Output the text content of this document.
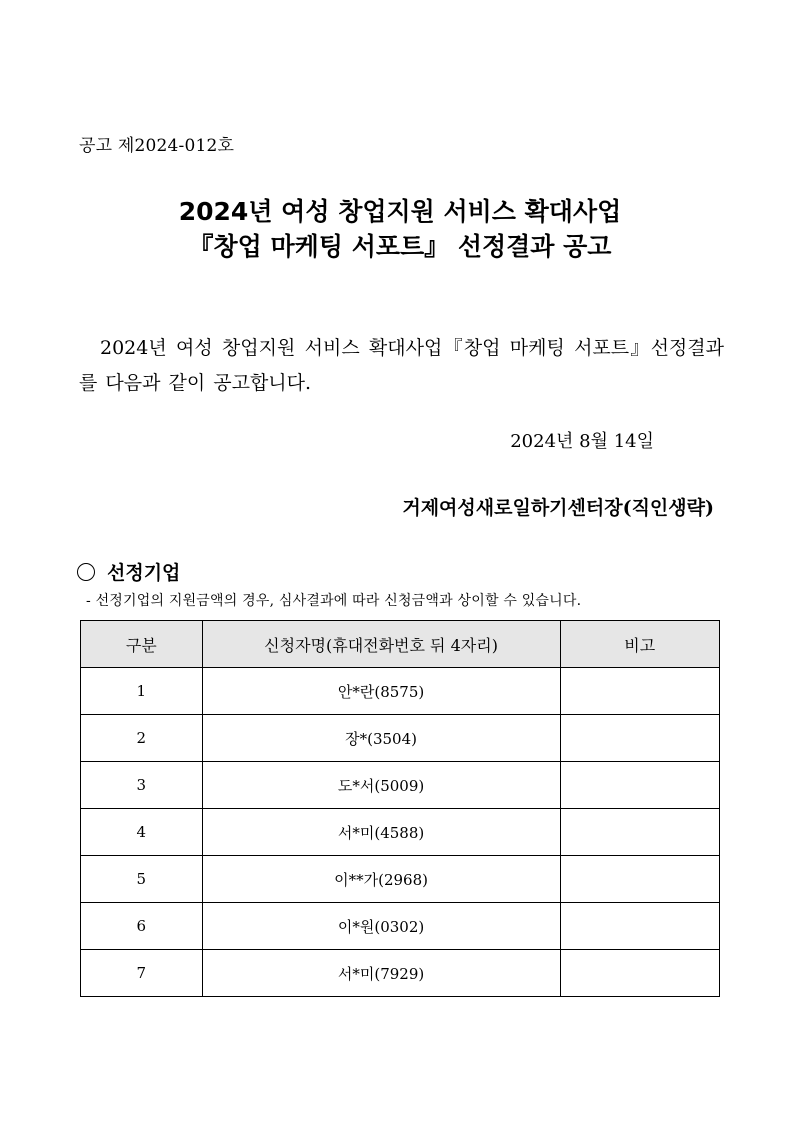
공고 제2024-012호
2024년 여성 창업지원 서비스 확대사업
『창업 마케팅 서포트』 선정결과 공고
2024년 여성 창업지원 서비스 확대사업『창업 마케팅 서포트』선정결과를 다음과 같이 공고합니다.
2024년 8월 14일
거제여성새로일하기센터장(직인생략)
선정기업
- 선정기업의 지원금액의 경우, 심사결과에 따라 신청금액과 상이할 수 있습니다.
구분	신청자명(휴대전화번호 뒤 4자리)	비고
1	안*란(8575)	
2	장*(3504)	
3	도*서(5009)	
4	서*미(4588)	
5	이**가(2968)	
6	이*원(0302)	
7	서*미(7929)	
